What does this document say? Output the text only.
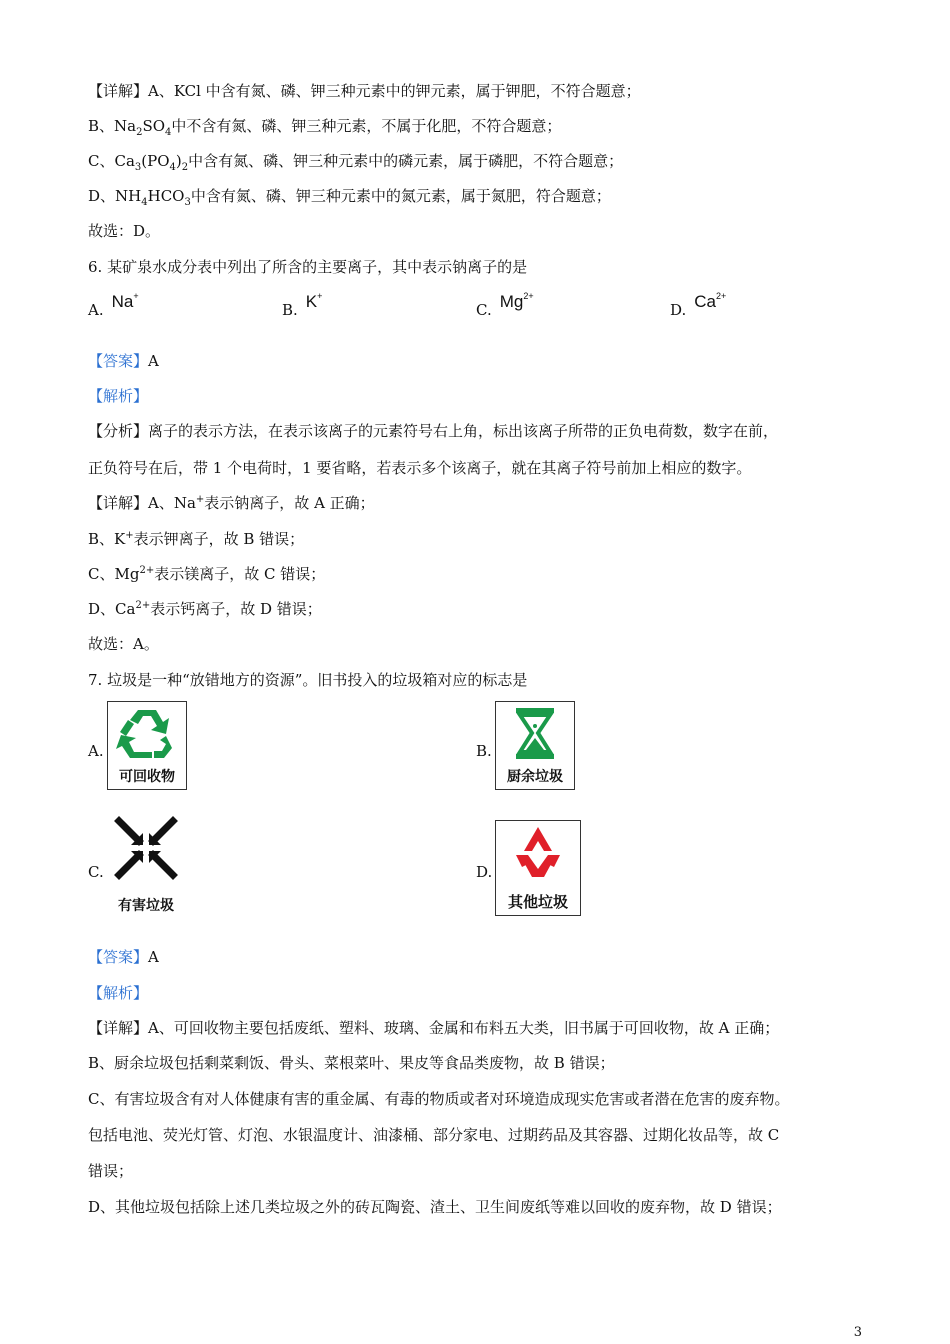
【详解】A、KCl 中含有氮、磷、钾三种元素中的钾元素，属于钾肥，不符合题意；
B、$Na_2SO_4$中不含有氮、磷、钾三种元素，不属于化肥，不符合题意；
C、$Ca_3(PO_4)_2$中含有氮、磷、钾三种元素中的磷元素，属于磷肥，不符合题意；
D、$NH_4HCO_3$中含有氮、磷、钾三种元素中的氮元素，属于氮肥，符合题意；
故选：D。
6. 某矿泉水成分表中列出了所含的主要离子，其中表示钠离子的是
A. Na+
B. K+
C. $Mg^{2+}$
D. $Ca^{2+}$
【答案】A
【解析】
【分析】离子的表示方法，在表示该离子的元素符号右上角，标出该离子所带的正负电荷数，数字在前，
正负符号在后，带 1 个电荷时，1 要省略，若表示多个该离子，就在其离子符号前加上相应的数字。
【详解】A、Na+表示钠离子，故 A 正确；
B、K+表示钾离子，故 B 错误；
C、$Mg^{2+}$表示镁离子，故 C 错误；
D、$Ca^{2+}$表示钙离子，故 D 错误；
故选：A。
7. 垃圾是一种“放错地方的资源”。旧书投入的垃圾箱对应的标志是
A.
可回收物
B.
厨余垃圾
C.
有害垃圾
D.
其他垃圾
【答案】A
【解析】
【详解】A、可回收物主要包括废纸、塑料、玻璃、金属和布料五大类，旧书属于可回收物，故 A 正确；
B、厨余垃圾包括剩菜剩饭、骨头、菜根菜叶、果皮等食品类废物，故 B 错误；
C、有害垃圾含有对人体健康有害的重金属、有毒的物质或者对环境造成现实危害或者潜在危害的废弃物。
包括电池、荧光灯管、灯泡、水银温度计、油漆桶、部分家电、过期药品及其容器、过期化妆品等，故 C
错误；
D、其他垃圾包括除上述几类垃圾之外的砖瓦陶瓷、渣土、卫生间废纸等难以回收的废弃物，故 D 错误；
3
